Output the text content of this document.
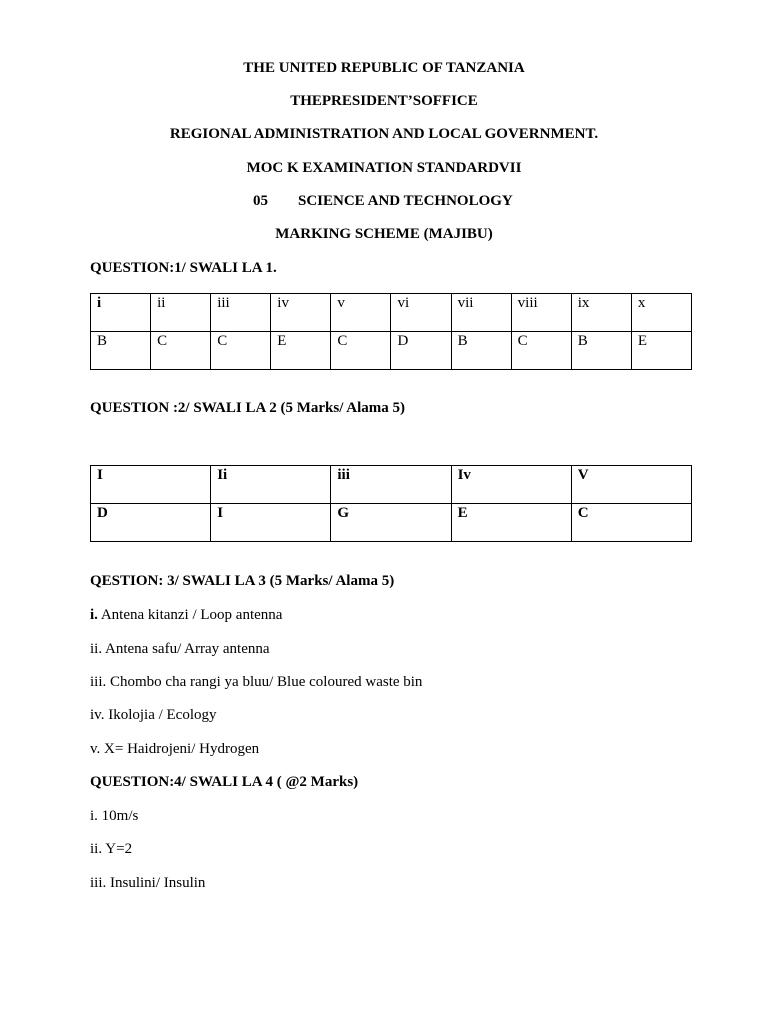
THE UNITED REPUBLIC OF TANZANIA
THEPRESIDENT’SOFFICE
REGIONAL ADMINISTRATION AND LOCAL GOVERNMENT.
MOC K EXAMINATION STANDARDVII
05 SCIENCE AND TECHNOLOGY
MARKING SCHEME (MAJIBU)
QUESTION:1/ SWALI LA 1.
i	ii	iii	iv	v	vi	vii	viii	ix	x
B	C	C	E	C	D	B	C	B	E
QUESTION :2/ SWALI LA 2 (5 Marks/ Alama 5)
I	Ii	iii	Iv	V
D	I	G	E	C
QESTION: 3/ SWALI LA 3 (5 Marks/ Alama 5)
i. Antena kitanzi / Loop antenna
ii. Antena safu/ Array antenna
iii. Chombo cha rangi ya bluu/ Blue coloured waste bin
iv. Ikolojia / Ecology
v. X= Haidrojeni/ Hydrogen
QUESTION:4/ SWALI LA 4 ( @2 Marks)
i. 10m/s
ii. Y=2
iii. Insulini/ Insulin
